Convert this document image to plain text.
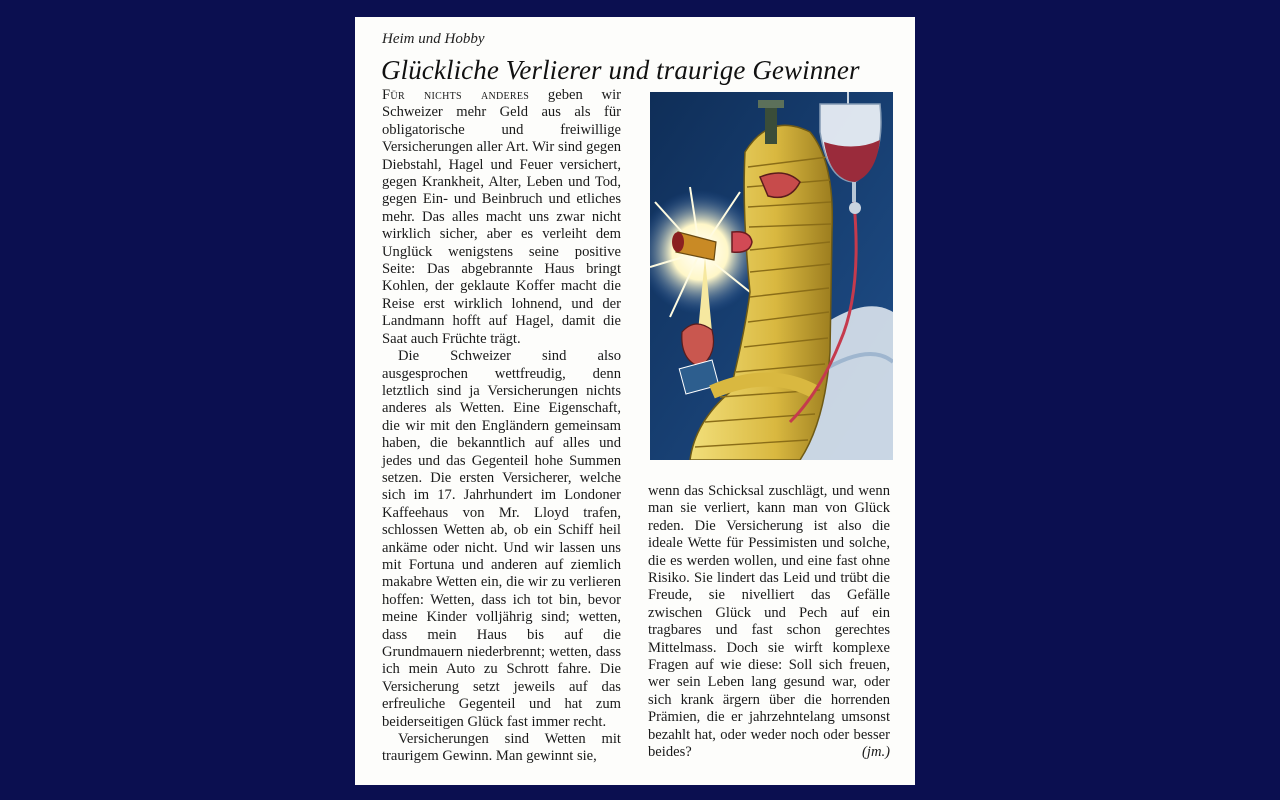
Heim und Hobby
Glückliche Verlierer und traurige Gewinner

Für nichts anderes geben wir Schweizer mehr Geld aus als für obligatorische und freiwillige Versicherungen aller Art. Wir sind gegen Diebstahl, Hagel und Feuer versichert, gegen Krankheit, Alter, Leben und Tod, gegen Ein- und Beinbruch und etliches mehr. Das alles macht uns zwar nicht wirklich sicher, aber es verleiht dem Unglück wenigstens seine positive Seite: Das abgebrannte Haus bringt Kohlen, der geklaute Koffer macht die Reise erst wirklich lohnend, und der Landmann hofft auf Hagel, damit die Saat auch Früchte trägt.

Die Schweizer sind also ausgesprochen wettfreudig, denn letztlich sind ja Versicherungen nichts anderes als Wetten. Eine Eigenschaft, die wir mit den Engländern gemeinsam haben, die bekanntlich auf alles und jedes und das Gegenteil hohe Summen setzen. Die ersten Versicherer, welche sich im 17. Jahrhundert im Londoner Kaffeehaus von Mr. Lloyd trafen, schlossen Wetten ab, ob ein Schiff heil ankäme oder nicht. Und wir lassen uns mit Fortuna und anderen auf ziemlich makabre Wetten ein, die wir zu verlieren hoffen: Wetten, dass ich tot bin, bevor meine Kinder volljährig sind; wetten, dass mein Haus bis auf die Grundmauern niederbrennt; wetten, dass ich mein Auto zu Schrott fahre. Die Versicherung setzt jeweils auf das erfreuliche Gegenteil und hat zum beiderseitigen Glück fast immer recht.

Versicherungen sind Wetten mit traurigem Gewinn. Man gewinnt sie,

wenn das Schicksal zuschlägt, und wenn man sie verliert, kann man von Glück reden. Die Versicherung ist also die ideale Wette für Pessimisten und solche, die es werden wollen, und eine fast ohne Risiko. Sie lindert das Leid und trübt die Freude, sie nivelliert das Gefälle zwischen Glück und Pech auf ein tragbares und fast schon gerechtes Mittelmass. Doch sie wirft komplexe Fragen auf wie diese: Soll sich freuen, wer sein Leben lang gesund war, oder sich krank ärgern über die horrenden Prämien, die er jahrzehntelang umsonst bezahlt hat, oder weder noch oder besser beides?	(jm.)
